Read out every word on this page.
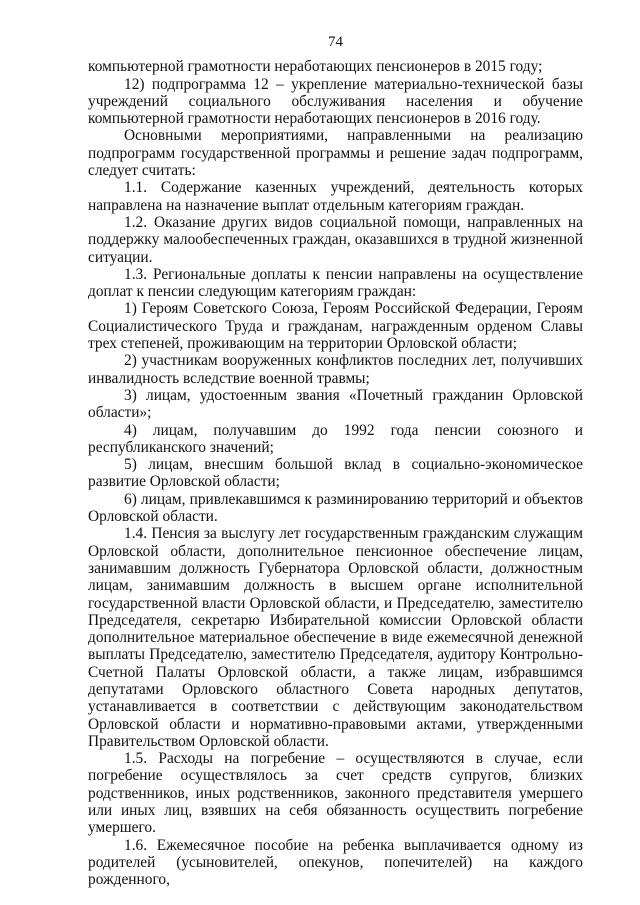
74

компьютерной грамотности неработающих пенсионеров в 2015 году;

12) подпрограмма 12 – укрепление материально-технической базы учреждений социального обслуживания населения и обучение компьютерной грамотности неработающих пенсионеров в 2016 году.

Основными мероприятиями, направленными на реализацию подпрограмм государственной программы и решение задач подпрограмм, следует считать:

1.1. Содержание казенных учреждений, деятельность которых направлена на назначение выплат отдельным категориям граждан.

1.2. Оказание других видов социальной помощи, направленных на поддержку малообеспеченных граждан, оказавшихся в трудной жизненной ситуации.

1.3. Региональные доплаты к пенсии направлены на осуществление доплат к пенсии следующим категориям граждан:

1) Героям Советского Союза, Героям Российской Федерации, Героям Социалистического Труда и гражданам, награжденным орденом Славы трех степеней, проживающим на территории Орловской области;

2) участникам вооруженных конфликтов последних лет, получивших инвалидность вследствие военной травмы;

3) лицам, удостоенным звания «Почетный гражданин Орловской области»;

4) лицам, получавшим до 1992 года пенсии союзного и республиканского значений;

5) лицам, внесшим большой вклад в социально-экономическое развитие Орловской области;

6) лицам, привлекавшимся к разминированию территорий и объектов Орловской области.

1.4. Пенсия за выслугу лет государственным гражданским служащим Орловской области, дополнительное пенсионное обеспечение лицам, занимавшим должность Губернатора Орловской области, должностным лицам, занимавшим должность в высшем органе исполнительной государственной власти Орловской области, и Председателю, заместителю Председателя, секретарю Избирательной комиссии Орловской области дополнительное материальное обеспечение в виде ежемесячной денежной выплаты Председателю, заместителю Председателя, аудитору Контрольно-Счетной Палаты Орловской области, а также лицам, избравшимся депутатами Орловского областного Совета народных депутатов, устанавливается в соответствии с действующим законодательством Орловской области и нормативно-правовыми актами, утвержденными Правительством Орловской области.

1.5. Расходы на погребение – осуществляются в случае, если погребение осуществлялось за счет средств супругов, близких родственников, иных родственников, законного представителя умершего или иных лиц, взявших на себя обязанность осуществить погребение умершего.

1.6. Ежемесячное пособие на ребенка выплачивается одному из родителей (усыновителей, опекунов, попечителей) на каждого рожденного,
